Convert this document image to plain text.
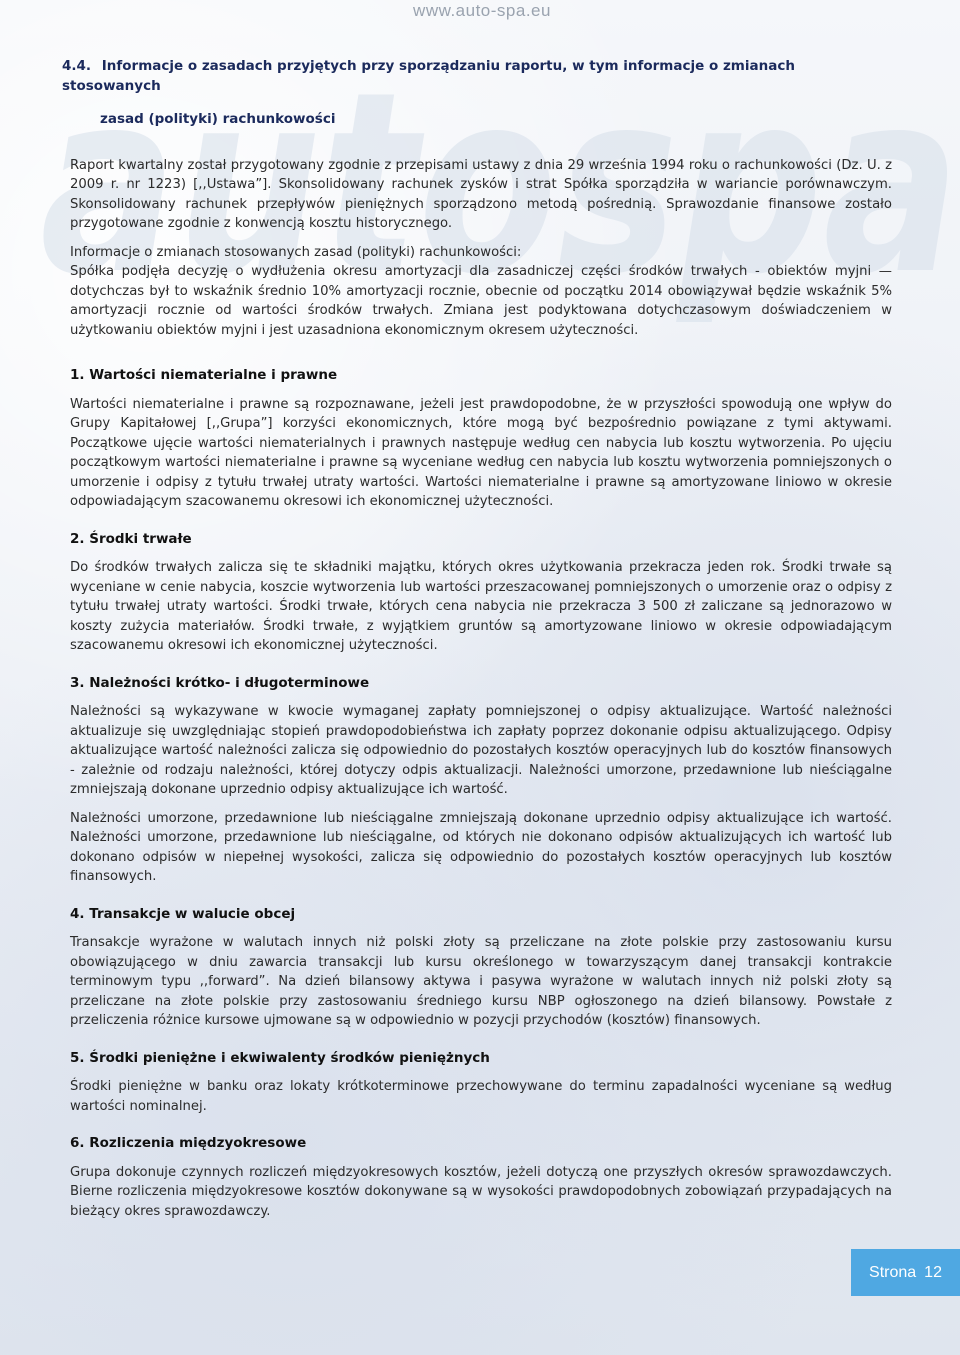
autospa
www.auto-spa.eu
4.4. Informacje o zasadach przyjętych przy sporządzaniu raportu, w tym informacje o zmianach stosowanych
zasad (polityki) rachunkowości

Raport kwartalny został przygotowany zgodnie z przepisami ustawy z dnia 29 września 1994 roku o rachunkowości (Dz. U. z 2009 r. nr 1223) [,,Ustawa”]. Skonsolidowany rachunek zysków i strat Spółka sporządziła w wariancie porównawczym. Skonsolidowany rachunek przepływów pieniężnych sporządzono metodą pośrednią. Sprawozdanie finansowe zostało przygotowane zgodnie z konwencją kosztu historycznego.

Informacje o zmianach stosowanych zasad (polityki) rachunkowości:

Spółka podjęła decyzję o wydłużenia okresu amortyzacji dla zasadniczej części środków trwałych - obiektów myjni — dotychczas był to wskaźnik średnio 10% amortyzacji rocznie, obecnie od początku 2014 obowiązywał będzie wskaźnik 5% amortyzacji rocznie od wartości środków trwałych. Zmiana jest podyktowana dotychczasowym doświadczeniem w użytkowaniu obiektów myjni i jest uzasadniona ekonomicznym okresem użyteczności.

1. Wartości niematerialne i prawne

Wartości niematerialne i prawne są rozpoznawane, jeżeli jest prawdopodobne, że w przyszłości spowodują one wpływ do Grupy Kapitałowej [,,Grupa”] korzyści ekonomicznych, które mogą być bezpośrednio powiązane z tymi aktywami. Początkowe ujęcie wartości niematerialnych i prawnych następuje według cen nabycia lub kosztu wytworzenia. Po ujęciu początkowym wartości niematerialne i prawne są wyceniane według cen nabycia lub kosztu wytworzenia pomniejszonych o umorzenie i odpisy z tytułu trwałej utraty wartości. Wartości niematerialne i prawne są amortyzowane liniowo w okresie odpowiadającym szacowanemu okresowi ich ekonomicznej użyteczności.

2. Środki trwałe

Do środków trwałych zalicza się te składniki majątku, których okres użytkowania przekracza jeden rok. Środki trwałe są wyceniane w cenie nabycia, koszcie wytworzenia lub wartości przeszacowanej pomniejszonych o umorzenie oraz o odpisy z tytułu trwałej utraty wartości. Środki trwałe, których cena nabycia nie przekracza 3 500 zł zaliczane są jednorazowo w koszty zużycia materiałów. Środki trwałe, z wyjątkiem gruntów są amortyzowane liniowo w okresie odpowiadającym szacowanemu okresowi ich ekonomicznej użyteczności.

3. Należności krótko- i długoterminowe

Należności są wykazywane w kwocie wymaganej zapłaty pomniejszonej o odpisy aktualizujące. Wartość należności aktualizuje się uwzględniając stopień prawdopodobieństwa ich zapłaty poprzez dokonanie odpisu aktualizującego. Odpisy aktualizujące wartość należności zalicza się odpowiednio do pozostałych kosztów operacyjnych lub do kosztów finansowych - zależnie od rodzaju należności, której dotyczy odpis aktualizacji. Należności umorzone, przedawnione lub nieściągalne zmniejszają dokonane uprzednio odpisy aktualizujące ich wartość.

Należności umorzone, przedawnione lub nieściągalne zmniejszają dokonane uprzednio odpisy aktualizujące ich wartość. Należności umorzone, przedawnione lub nieściągalne, od których nie dokonano odpisów aktualizujących ich wartość lub dokonano odpisów w niepełnej wysokości, zalicza się odpowiednio do pozostałych kosztów operacyjnych lub kosztów finansowych.

4. Transakcje w walucie obcej

Transakcje wyrażone w walutach innych niż polski złoty są przeliczane na złote polskie przy zastosowaniu kursu obowiązującego w dniu zawarcia transakcji lub kursu określonego w towarzyszącym danej transakcji kontrakcie terminowym typu ,,forward”. Na dzień bilansowy aktywa i pasywa wyrażone w walutach innych niż polski złoty są przeliczane na złote polskie przy zastosowaniu średniego kursu NBP ogłoszonego na dzień bilansowy. Powstałe z przeliczenia różnice kursowe ujmowane są w odpowiednio w pozycji przychodów (kosztów) finansowych.

5. Środki pieniężne i ekwiwalenty środków pieniężnych

Środki pieniężne w banku oraz lokaty krótkoterminowe przechowywane do terminu zapadalności wyceniane są według wartości nominalnej.

6. Rozliczenia międzyokresowe

Grupa dokonuje czynnych rozliczeń międzyokresowych kosztów, jeżeli dotyczą one przyszłych okresów sprawozdawczych. Bierne rozliczenia międzyokresowe kosztów dokonywane są w wysokości prawdopodobnych zobowiązań przypadających na bieżący okres sprawozdawczy.

Strona 12
